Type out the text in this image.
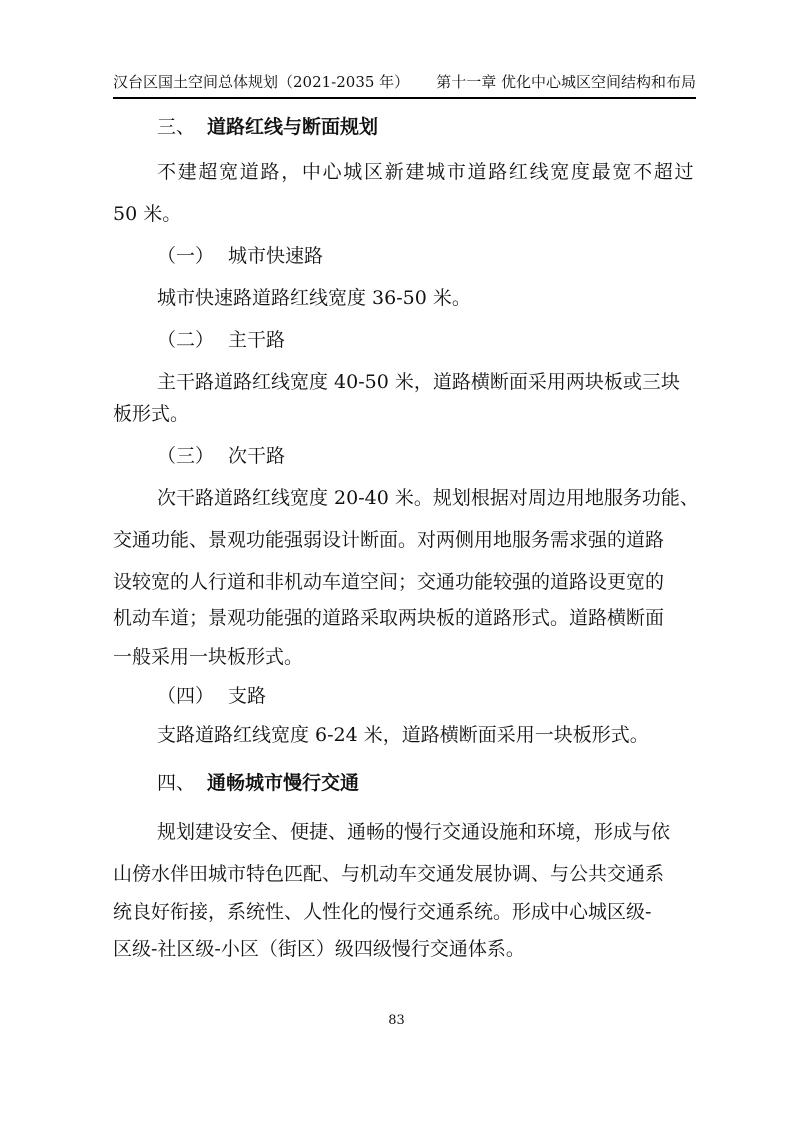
汉台区国土空间总体规划（2021-2035 年） 第十一章 优化中心城区空间结构和布局
三、 道路红线与断面规划
不建超宽道路，中心城区新建城市道路红线宽度最宽不超过
50 米。
（一） 城市快速路
城市快速路道路红线宽度 36-50 米。
（二） 主干路
主干路道路红线宽度 40-50 米，道路横断面采用两块板或三块
板形式。
（三） 次干路
次干路道路红线宽度 20-40 米。规划根据对周边用地服务功能、
交通功能、景观功能强弱设计断面。对两侧用地服务需求强的道路
设较宽的人行道和非机动车道空间；交通功能较强的道路设更宽的
机动车道；景观功能强的道路采取两块板的道路形式。道路横断面
一般采用一块板形式。
（四） 支路
支路道路红线宽度 6-24 米，道路横断面采用一块板形式。
四、 通畅城市慢行交通
规划建设安全、便捷、通畅的慢行交通设施和环境，形成与依
山傍水伴田城市特色匹配、与机动车交通发展协调、与公共交通系
统良好衔接，系统性、人性化的慢行交通系统。形成中心城区级-
区级-社区级-小区（街区）级四级慢行交通体系。
83
